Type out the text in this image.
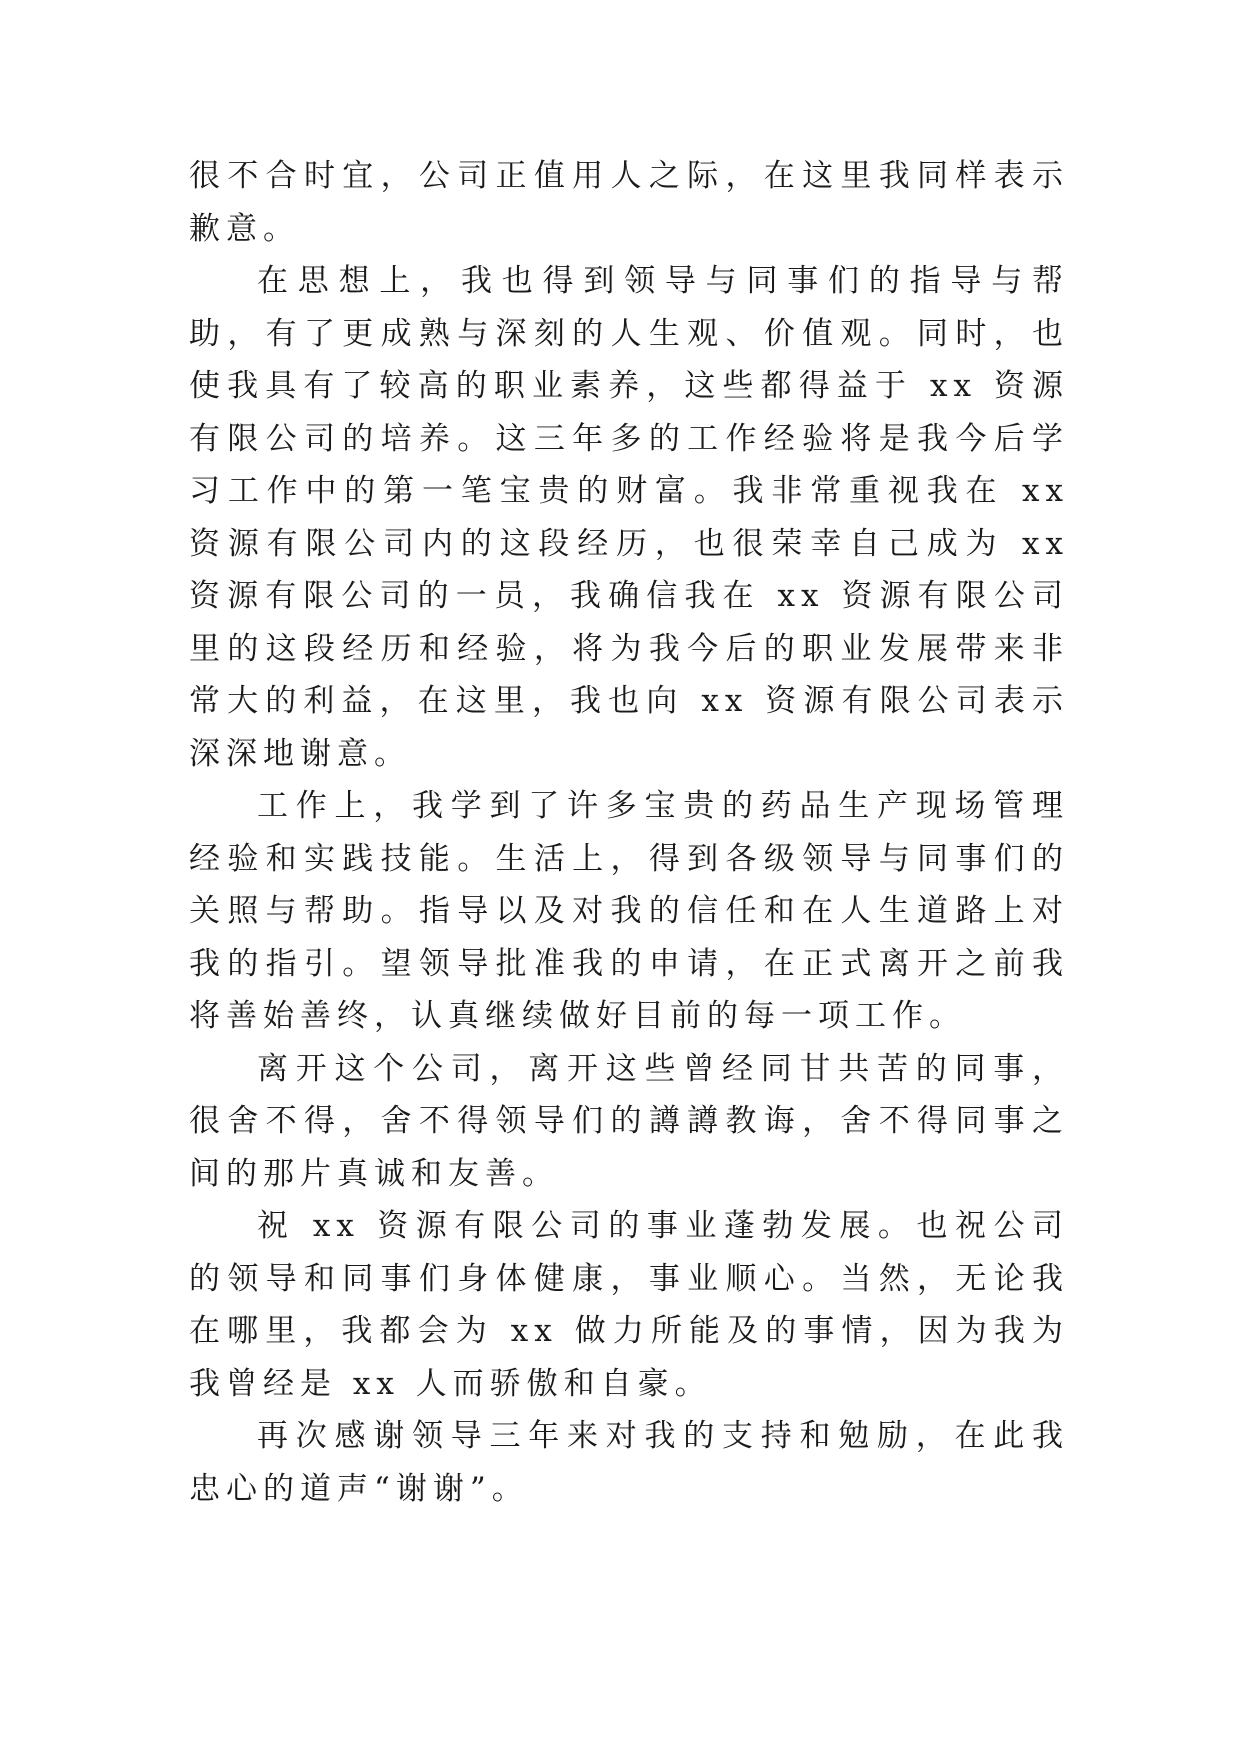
很不合时宜，公司正值用人之际，在这里我同样表示歉意。

在思想上，我也得到领导与同事们的指导与帮助，有了更成熟与深刻的人生观、价值观。同时，也使我具有了较高的职业素养，这些都得益于 xx 资源有限公司的培养。这三年多的工作经验将是我今后学习工作中的第一笔宝贵的财富。我非常重视我在 xx 资源有限公司内的这段经历，也很荣幸自己成为 xx 资源有限公司的一员，我确信我在 xx 资源有限公司里的这段经历和经验，将为我今后的职业发展带来非常大的利益，在这里，我也向 xx 资源有限公司表示深深地谢意。

工作上，我学到了许多宝贵的药品生产现场管理经验和实践技能。生活上，得到各级领导与同事们的关照与帮助。指导以及对我的信任和在人生道路上对我的指引。望领导批准我的申请，在正式离开之前我将善始善终，认真继续做好目前的每一项工作。

离开这个公司，离开这些曾经同甘共苦的同事，很舍不得，舍不得领导们的譐譐教诲，舍不得同事之间的那片真诚和友善。

祝 xx 资源有限公司的事业蓬勃发展。也祝公司的领导和同事们身体健康，事业顺心。当然，无论我在哪里，我都会为 xx 做力所能及的事情，因为我为我曾经是 xx 人而骄傲和自豪。

再次感谢领导三年来对我的支持和勉励，在此我忠心的道声“谢谢”。
